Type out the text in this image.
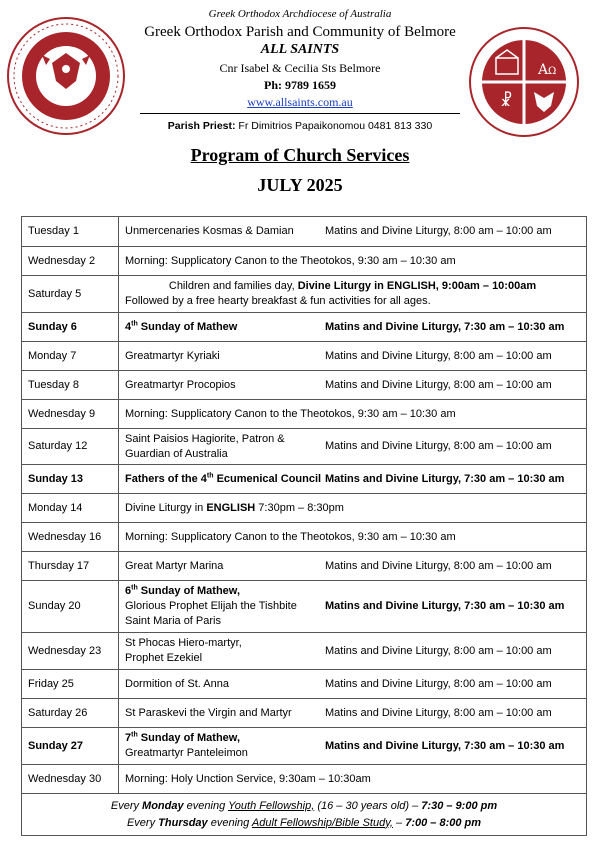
Α Ω
☧
Greek Orthodox Archdiocese of Australia
Greek Orthodox Parish and Community of Belmore
ALL SAINTS
Cnr Isabel & Cecilia Sts Belmore
Ph: 9789 1659
www.allsaints.com.au
Parish Priest: Fr Dimitrios Papaikonomou 0481 813 330
Program of Church Services
JULY 2025
Tuesday 1	Unmercenaries Kosmas & Damian Matins and Divine Liturgy, 8:00 am – 10:00 am

Wednesday 2	Morning: Supplicatory Canon to the Theotokos, 9:30 am – 10:30 am
Saturday 5	Children and families day, Divine Liturgy in ENGLISH, 9:00am – 10:00am
Followed by a free hearty breakfast & fun activities for all ages.

Sunday 6	4th Sunday of Mathew Matins and Divine Liturgy, 7:30 am – 10:30 am

Monday 7	Greatmartyr Kyriaki Matins and Divine Liturgy, 8:00 am – 10:00 am

Tuesday 8	Greatmartyr Procopios Matins and Divine Liturgy, 8:00 am – 10:00 am

Wednesday 9	Morning: Supplicatory Canon to the Theotokos, 9:30 am – 10:30 am
Saturday 12	Saint Paisios Hagiorite, Patron &
Guardian of Australia
Matins and Divine Liturgy, 8:00 am – 10:00 am

Sunday 13	Fathers of the 4th Ecumenical Council Matins and Divine Liturgy, 7:30 am – 10:30 am

Monday 14	Divine Liturgy in ENGLISH 7:30pm – 8:30pm
Wednesday 16	Morning: Supplicatory Canon to the Theotokos, 9:30 am – 10:30 am
Thursday 17	Great Martyr Marina Matins and Divine Liturgy, 8:00 am – 10:00 am

Sunday 20	6th Sunday of Mathew,
Glorious Prophet Elijah the Tishbite
Saint Maria of Paris
Matins and Divine Liturgy, 7:30 am – 10:30 am

Wednesday 23	St Phocas Hiero-martyr,
Prophet Ezekiel
Matins and Divine Liturgy, 8:00 am – 10:00 am

Friday 25	Dormition of St. Anna Matins and Divine Liturgy, 8:00 am – 10:00 am

Saturday 26	St Paraskevi the Virgin and Martyr Matins and Divine Liturgy, 8:00 am – 10:00 am

Sunday 27	7th Sunday of Mathew,
Greatmartyr Panteleimon
Matins and Divine Liturgy, 7:30 am – 10:30 am

Wednesday 30	Morning: Holy Unction Service, 9:30am – 10:30am

Every Monday evening Youth Fellowship, (16 – 30 years old) – 7:30 – 9:00 pm
Every Thursday evening Adult Fellowship/Bible Study, – 7:00 – 8:00 pm	
